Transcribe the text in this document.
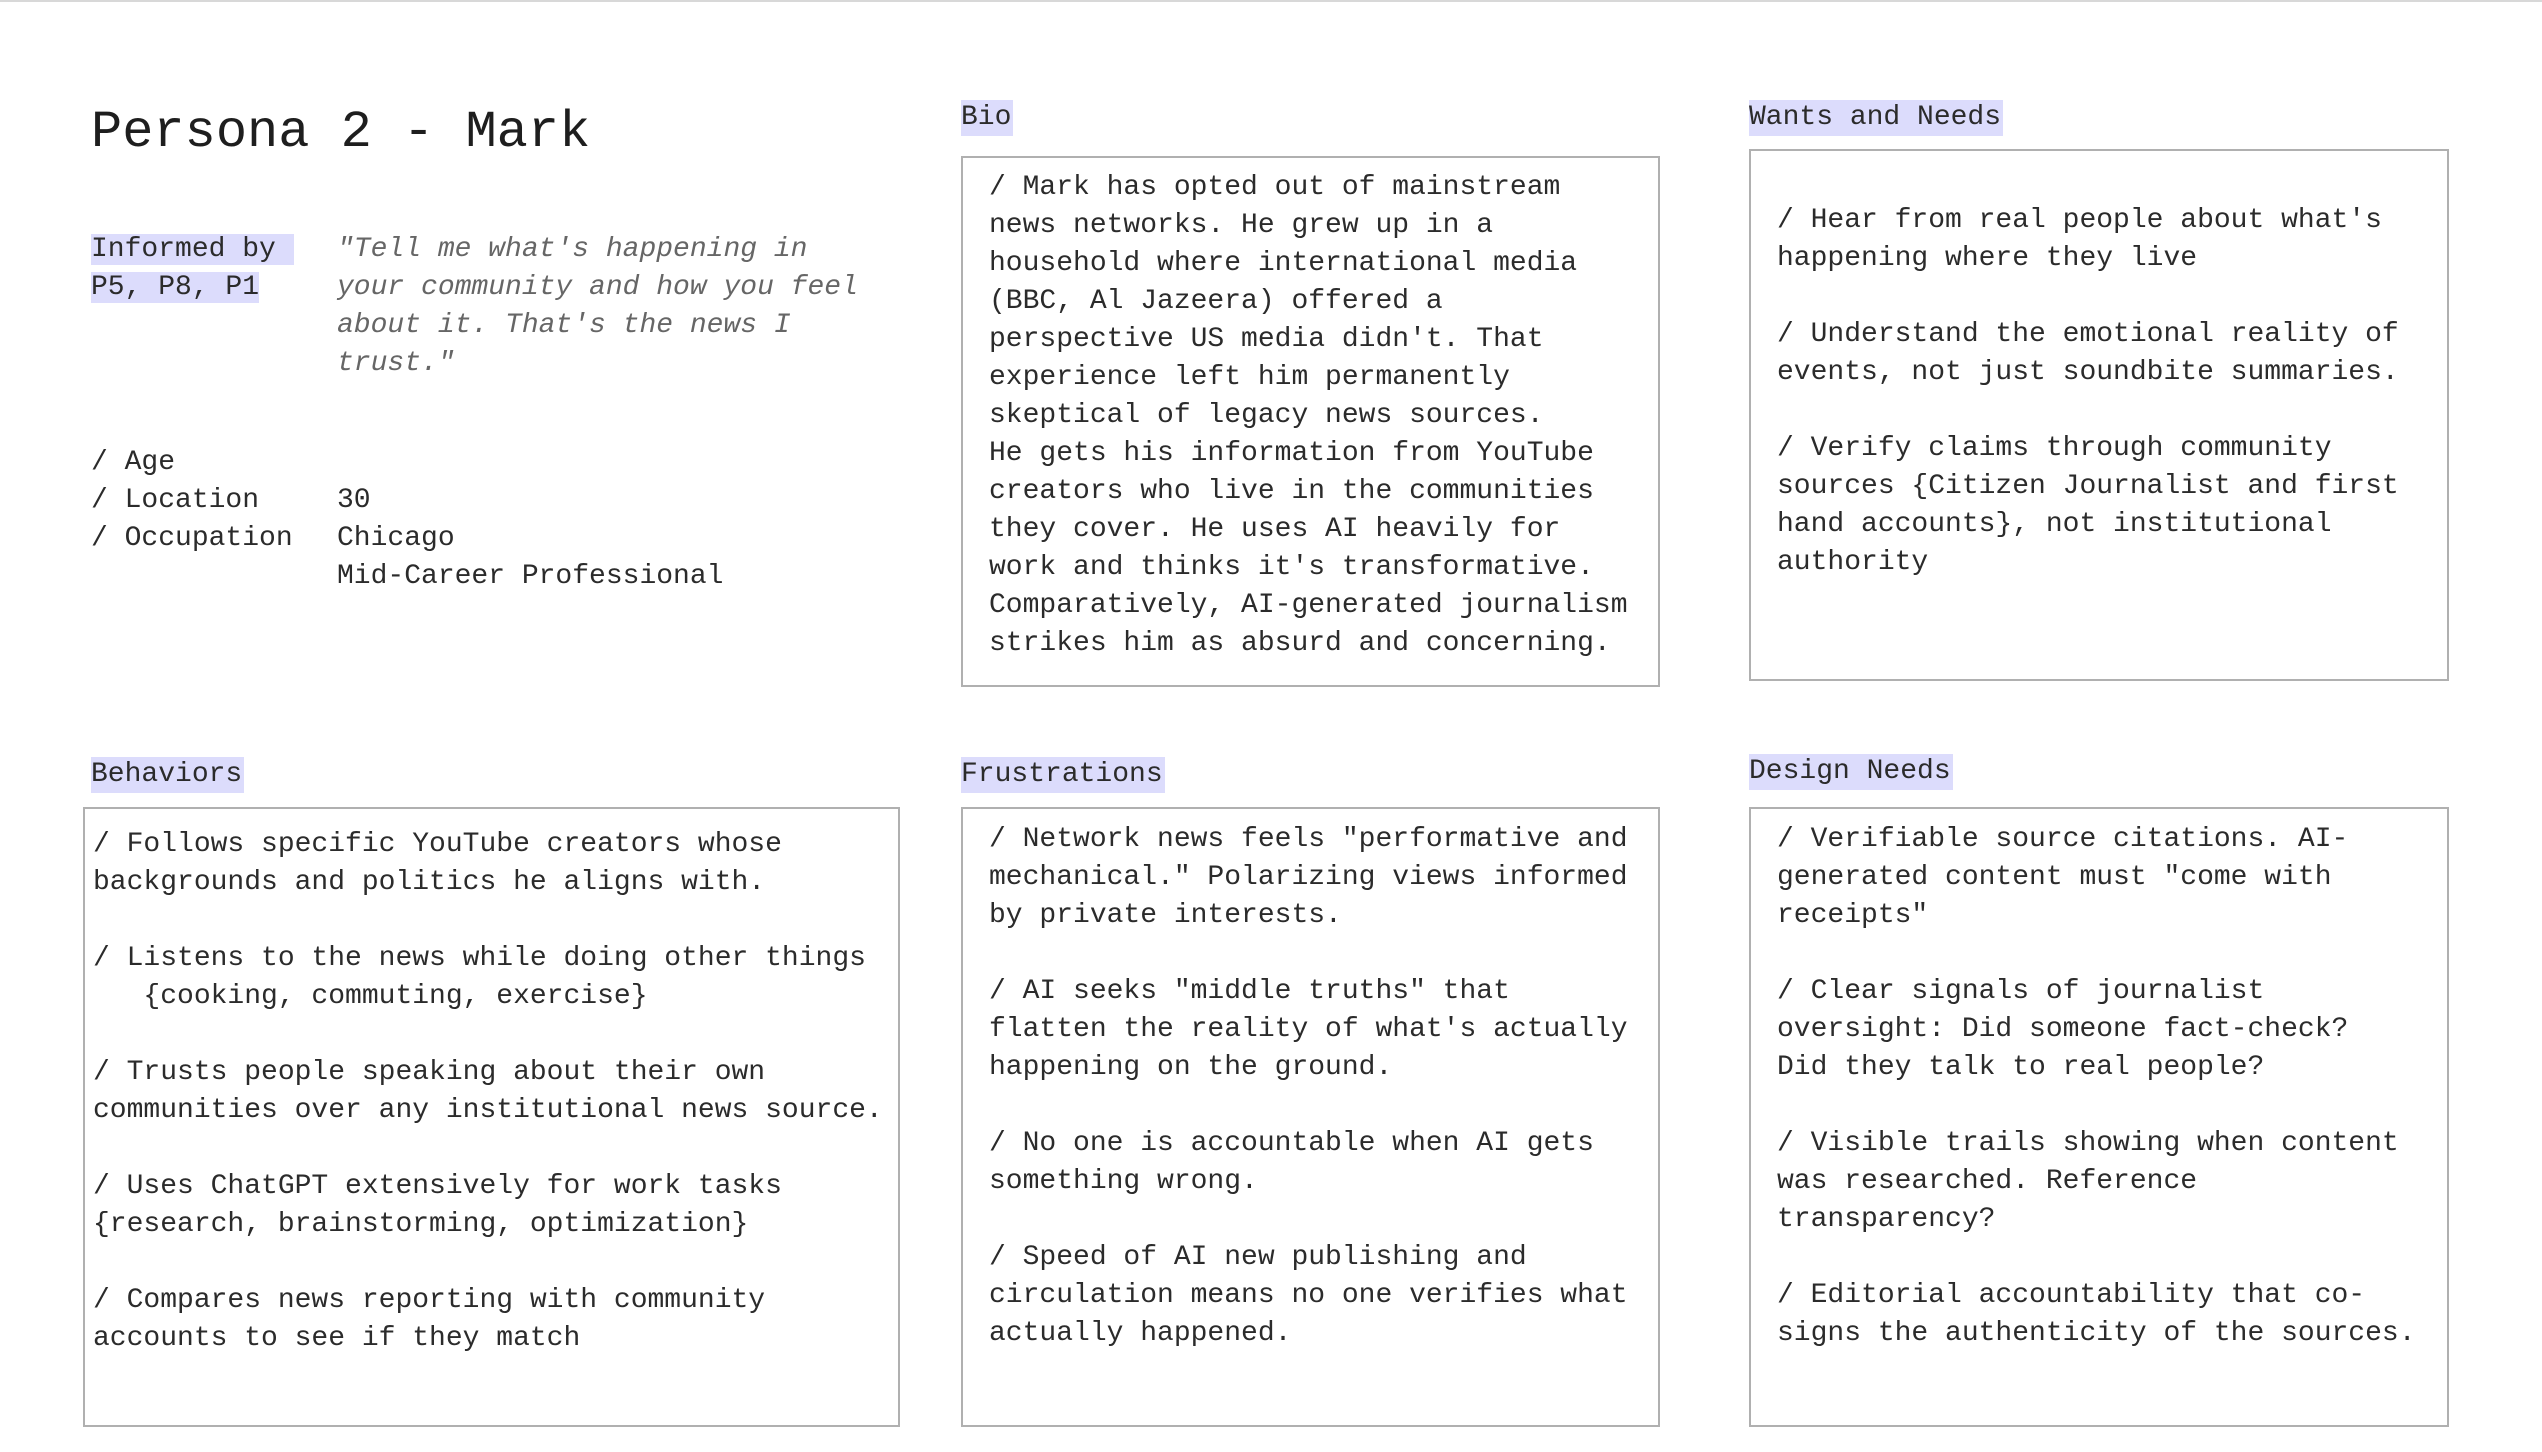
Persona 2 - Mark
Informed by
P5, P8, P1
"Tell me what's happening in
your community and how you feel
about it. That's the news I
trust."

/ Age

30

/ Location

Chicago

/ Occupation

Mid-Career Professional

Bio
/ Mark has opted out of mainstream
news networks. He grew up in a
household where international media
(BBC, Al Jazeera) offered a
perspective US media didn't. That
experience left him permanently
skeptical of legacy news sources.
He gets his information from YouTube
creators who live in the communities
they cover. He uses AI heavily for
work and thinks it's transformative.
Comparatively, AI-generated journalism
strikes him as absurd and concerning.
Wants and Needs
/ Hear from real people about what's
happening where they live
/ Understand the emotional reality of
events, not just soundbite summaries.
/ Verify claims through community
sources {Citizen Journalist and first
hand accounts}, not institutional
authority
Behaviors
/ Follows specific YouTube creators whose
backgrounds and politics he aligns with.
/ Listens to the news while doing other things
{cooking, commuting, exercise}
/ Trusts people speaking about their own
communities over any institutional news source.
/ Uses ChatGPT extensively for work tasks
{research, brainstorming, optimization}
/ Compares news reporting with community
accounts to see if they match
Frustrations
/ Network news feels "performative and
mechanical." Polarizing views informed
by private interests.
/ AI seeks "middle truths" that
flatten the reality of what's actually
happening on the ground.
/ No one is accountable when AI gets
something wrong.
/ Speed of AI new publishing and
circulation means no one verifies what
actually happened.
Design Needs
/ Verifiable source citations. AI-
generated content must "come with
receipts"
/ Clear signals of journalist
oversight: Did someone fact-check?
Did they talk to real people?
/ Visible trails showing when content
was researched. Reference
transparency?
/ Editorial accountability that co-
signs the authenticity of the sources.
